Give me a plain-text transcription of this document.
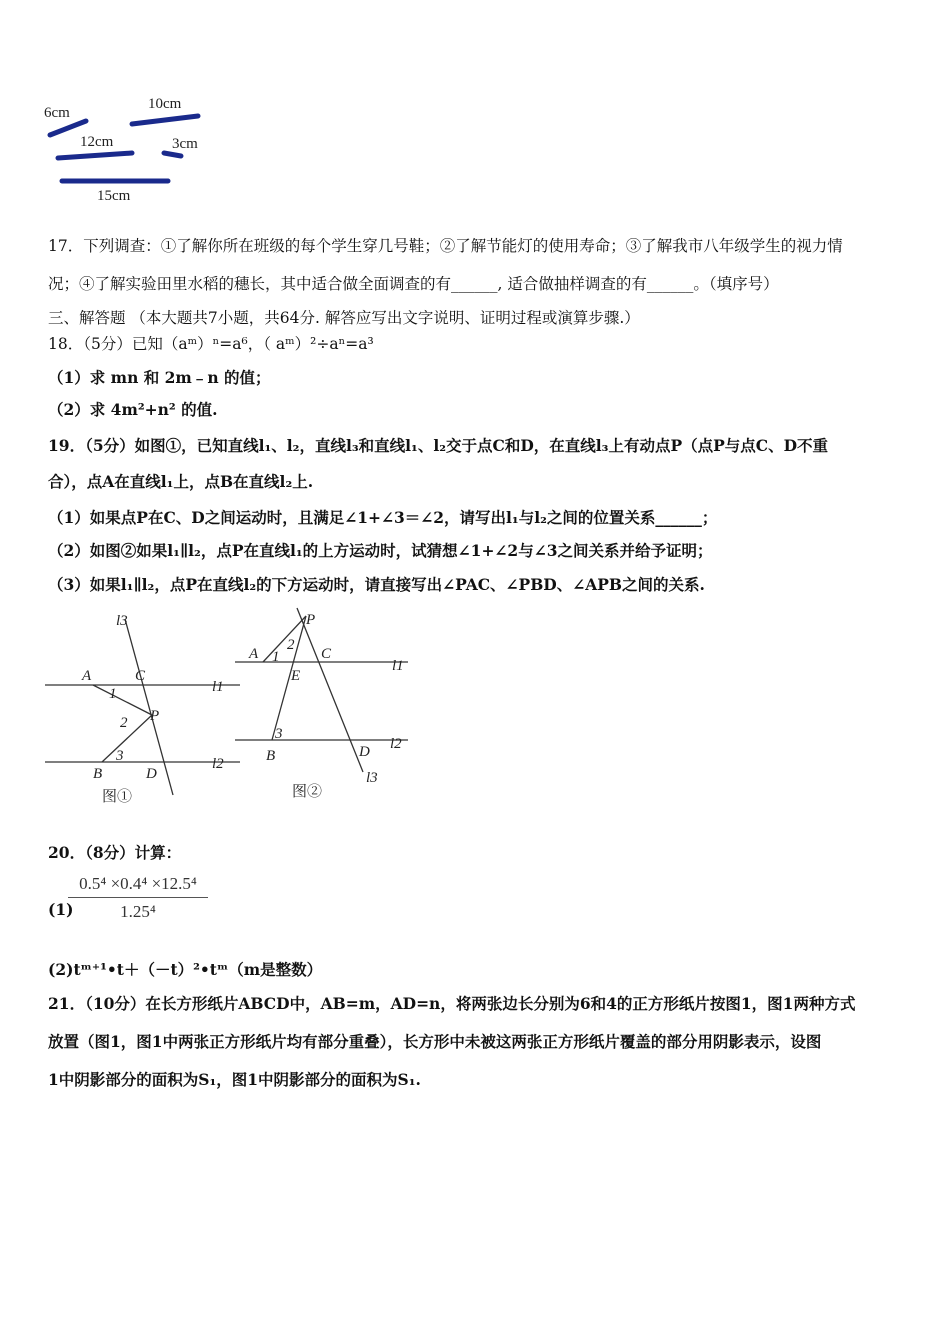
6cm
10cm
12cm	3cm
15cm
17．下列调查：①了解你所在班级的每个学生穿几号鞋；②了解节能灯的使用寿命；③了解我市八年级学生的视力情
况；④了解实验田里水稻的穗长，其中适合做全面调查的有______, 适合做抽样调查的有______。（填序号）
三、解答题 （本大题共7小题，共64分. 解答应写出文字说明、证明过程或演算步骤.）
18．（5分）已知（aᵐ）ⁿ=a⁶，（ aᵐ）²÷aⁿ=a³
（1）求 mn 和 2m﹣n 的值；
（2）求 4m²+n² 的值.
19．（5分）如图①，已知直线l₁、l₂，直线l₃和直线l₁、l₂交于点C和D，在直线l₃上有动点P（点P与点C、D不重
合），点A在直线l₁上，点B在直线l₂上.
（1）如果点P在C、D之间运动时，且满足∠1+∠3＝∠2，请写出l₁与l₂之间的位置关系______；
（2）如图②如果l₁∥l₂，点P在直线l₁的上方运动时，试猜想∠1+∠2与∠3之间关系并给予证明；
（3）如果l₁∥l₂，点P在直线l₂的下方运动时，请直接写出∠PAC、∠PBD、∠APB之间的关系.
l3
A	C
1	l1
2 P
3
B	D
l2
图①
P
2
A 1	C
l1
E
3
B	D l2
l3
图②
20．（8分）计算：
(1)
0.5⁴ ×0.4⁴ ×12.5⁴
1.25⁴
(2)tᵐ⁺¹•t＋（－t）²•tᵐ（m是整数）
21．（10分）在长方形纸片ABCD中，AB=m，AD=n，将两张边长分别为6和4的正方形纸片按图1，图1两种方式
放置（图1，图1中两张正方形纸片均有部分重叠），长方形中未被这两张正方形纸片覆盖的部分用阴影表示，设图
1中阴影部分的面积为S₁，图1中阴影部分的面积为S₁.
